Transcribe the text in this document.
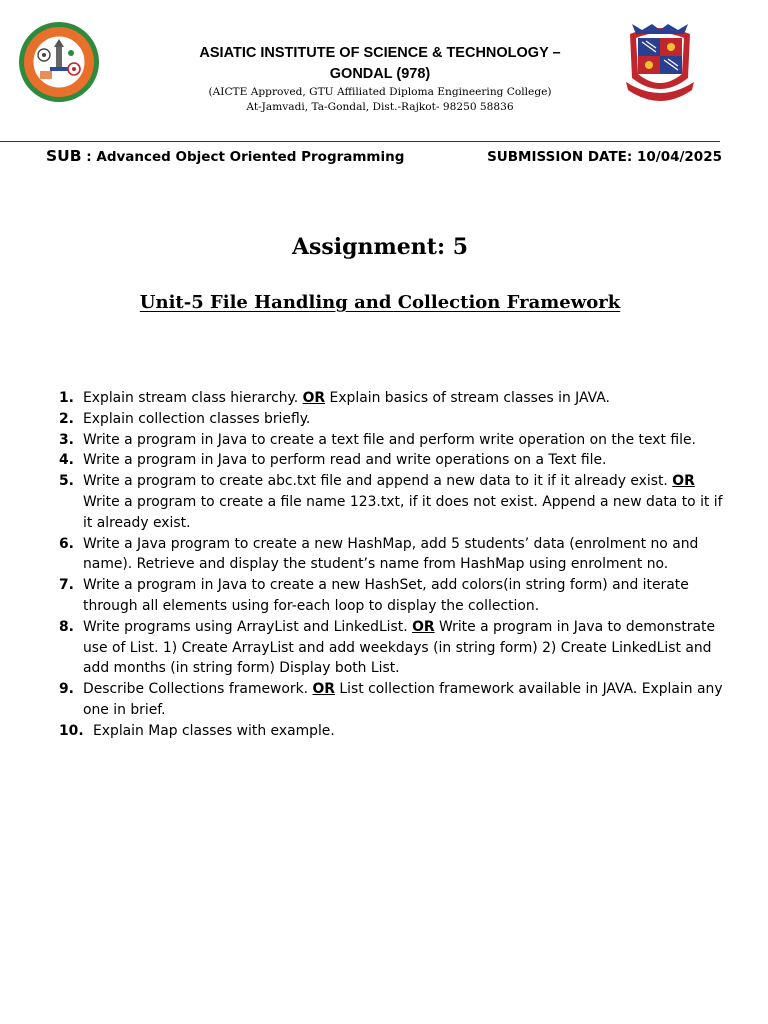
ASIATIC INSTITUTE OF SCIENCE & TECHNOLOGY –
GONDAL (978)
(AICTE Approved, GTU Affiliated Diploma Engineering College)
At-Jamvadi, Ta-Gondal, Dist.-Rajkot- 98250 58836
SUB : Advanced Object Oriented Programming	SUBMISSION DATE: 10/04/2025
Assignment: 5
Unit-5 File Handling and Collection Framework
1. Explain stream class hierarchy. OR Explain basics of stream classes in JAVA.
2. Explain collection classes briefly.
3. Write a program in Java to create a text file and perform write operation on the text file.
4. Write a program in Java to perform read and write operations on a Text file.
5. Write a program to create abc.txt file and append a new data to it if it already exist. OR Write a program to create a file name 123.txt, if it does not exist. Append a new data to it if it already exist.
6. Write a Java program to create a new HashMap, add 5 students’ data (enrolment no and name). Retrieve and display the student’s name from HashMap using enrolment no.
7. Write a program in Java to create a new HashSet, add colors(in string form) and iterate through all elements using for-each loop to display the collection.
8. Write programs using ArrayList and LinkedList. OR Write a program in Java to demonstrate use of List. 1) Create ArrayList and add weekdays (in string form) 2) Create LinkedList and add months (in string form) Display both List.
9. Describe Collections framework. OR List collection framework available in JAVA. Explain any one in brief.
10. Explain Map classes with example.
